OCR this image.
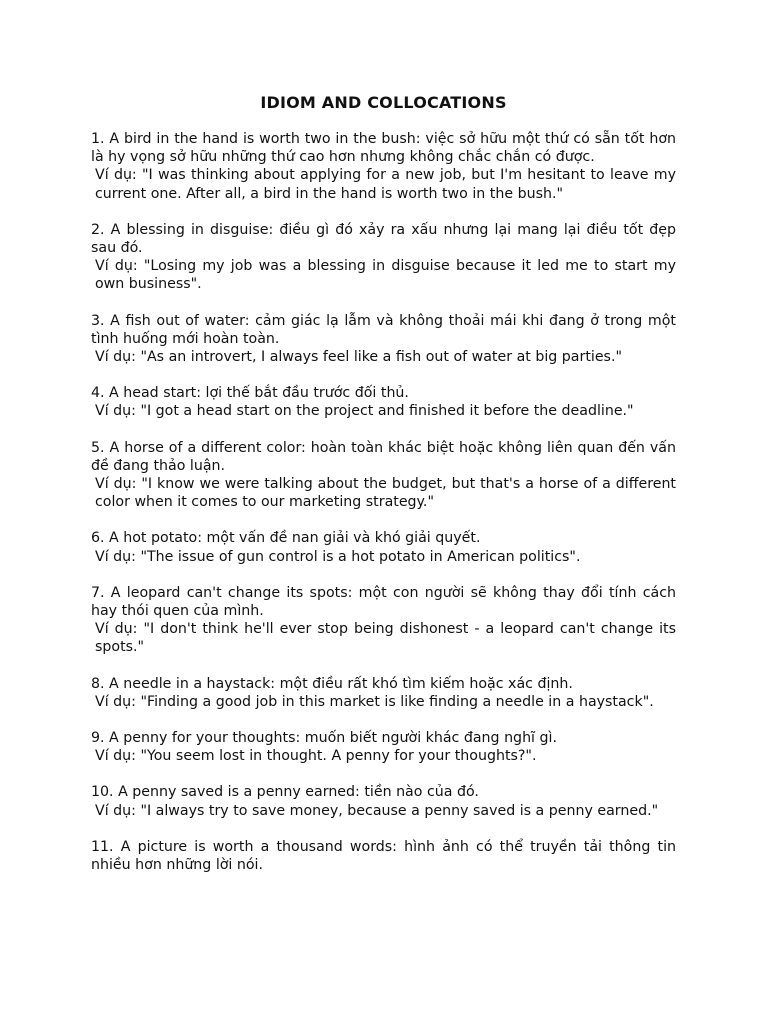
IDIOM AND COLLOCATIONS

1. A bird in the hand is worth two in the bush: việc sở hữu một thứ có sẵn tốt hơn là hy vọng sở hữu những thứ cao hơn nhưng không chắc chắn có được.

Ví dụ: "I was thinking about applying for a new job, but I'm hesitant to leave my current one. After all, a bird in the hand is worth two in the bush."

2. A blessing in disguise: điều gì đó xảy ra xấu nhưng lại mang lại điều tốt đẹp sau đó.

Ví dụ: "Losing my job was a blessing in disguise because it led me to start my own business".

3. A fish out of water: cảm giác lạ lẫm và không thoải mái khi đang ở trong một tình huống mới hoàn toàn.

Ví dụ: "As an introvert, I always feel like a fish out of water at big parties."

4. A head start: lợi thế bắt đầu trước đối thủ.

Ví dụ: "I got a head start on the project and finished it before the deadline."

5. A horse of a different color: hoàn toàn khác biệt hoặc không liên quan đến vấn đề đang thảo luận.

Ví dụ: "I know we were talking about the budget, but that's a horse of a different color when it comes to our marketing strategy."

6. A hot potato: một vấn đề nan giải và khó giải quyết.

Ví dụ: "The issue of gun control is a hot potato in American politics".

7. A leopard can't change its spots: một con người sẽ không thay đổi tính cách hay thói quen của mình.

Ví dụ: "I don't think he'll ever stop being dishonest - a leopard can't change its spots."

8. A needle in a haystack: một điều rất khó tìm kiếm hoặc xác định.

Ví dụ: "Finding a good job in this market is like finding a needle in a haystack".

9. A penny for your thoughts: muốn biết người khác đang nghĩ gì.

Ví dụ: "You seem lost in thought. A penny for your thoughts?".

10. A penny saved is a penny earned: tiền nào của đó.

Ví dụ: "I always try to save money, because a penny saved is a penny earned."

11. A picture is worth a thousand words: hình ảnh có thể truyền tải thông tin nhiều hơn những lời nói.
